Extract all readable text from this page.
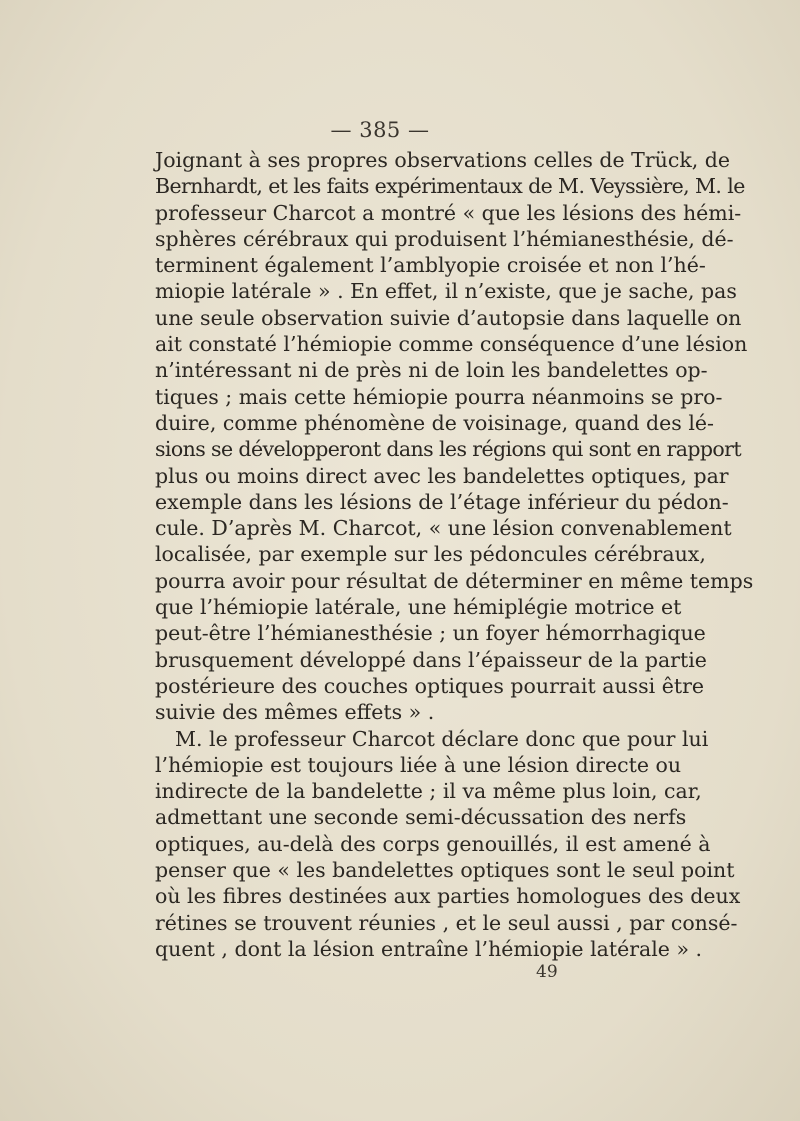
— 385 —
Joignant à ses propres observations celles de Trück, de
Bernhardt, et les faits expérimentaux de M. Veyssière, M. le
professeur Charcot a montré « que les lésions des hémi-
sphères cérébraux qui produisent l’hémianesthésie, dé-
terminent également l’amblyopie croisée et non l’hé-
miopie latérale » . En effet, il n’existe, que je sache, pas
une seule observation suivie d’autopsie dans laquelle on
ait constaté l’hémiopie comme conséquence d’une lésion
n’intéressant ni de près ni de loin les bandelettes op-
tiques ; mais cette hémiopie pourra néanmoins se pro-
duire, comme phénomène de voisinage, quand des lé-
sions se développeront dans les régions qui sont en rapport
plus ou moins direct avec les bandelettes optiques, par
exemple dans les lésions de l’étage inférieur du pédon-
cule. D’après M. Charcot, « une lésion convenablement
localisée, par exemple sur les pédoncules cérébraux,
pourra avoir pour résultat de déterminer en même temps
que l’hémiopie latérale, une hémiplégie motrice et
peut-être l’hémianesthésie ; un foyer hémorrhagique
brusquement développé dans l’épaisseur de la partie
postérieure des couches optiques pourrait aussi être
suivie des mêmes effets » .
M. le professeur Charcot déclare donc que pour lui
l’hémiopie est toujours liée à une lésion directe ou
indirecte de la bandelette ; il va même plus loin, car,
admettant une seconde semi-décussation des nerfs
optiques, au-delà des corps genouillés, il est amené à
penser que « les bandelettes optiques sont le seul point
où les fibres destinées aux parties homologues des deux
rétines se trouvent réunies , et le seul aussi , par consé-
quent , dont la lésion entraîne l’hémiopie latérale » .
49
